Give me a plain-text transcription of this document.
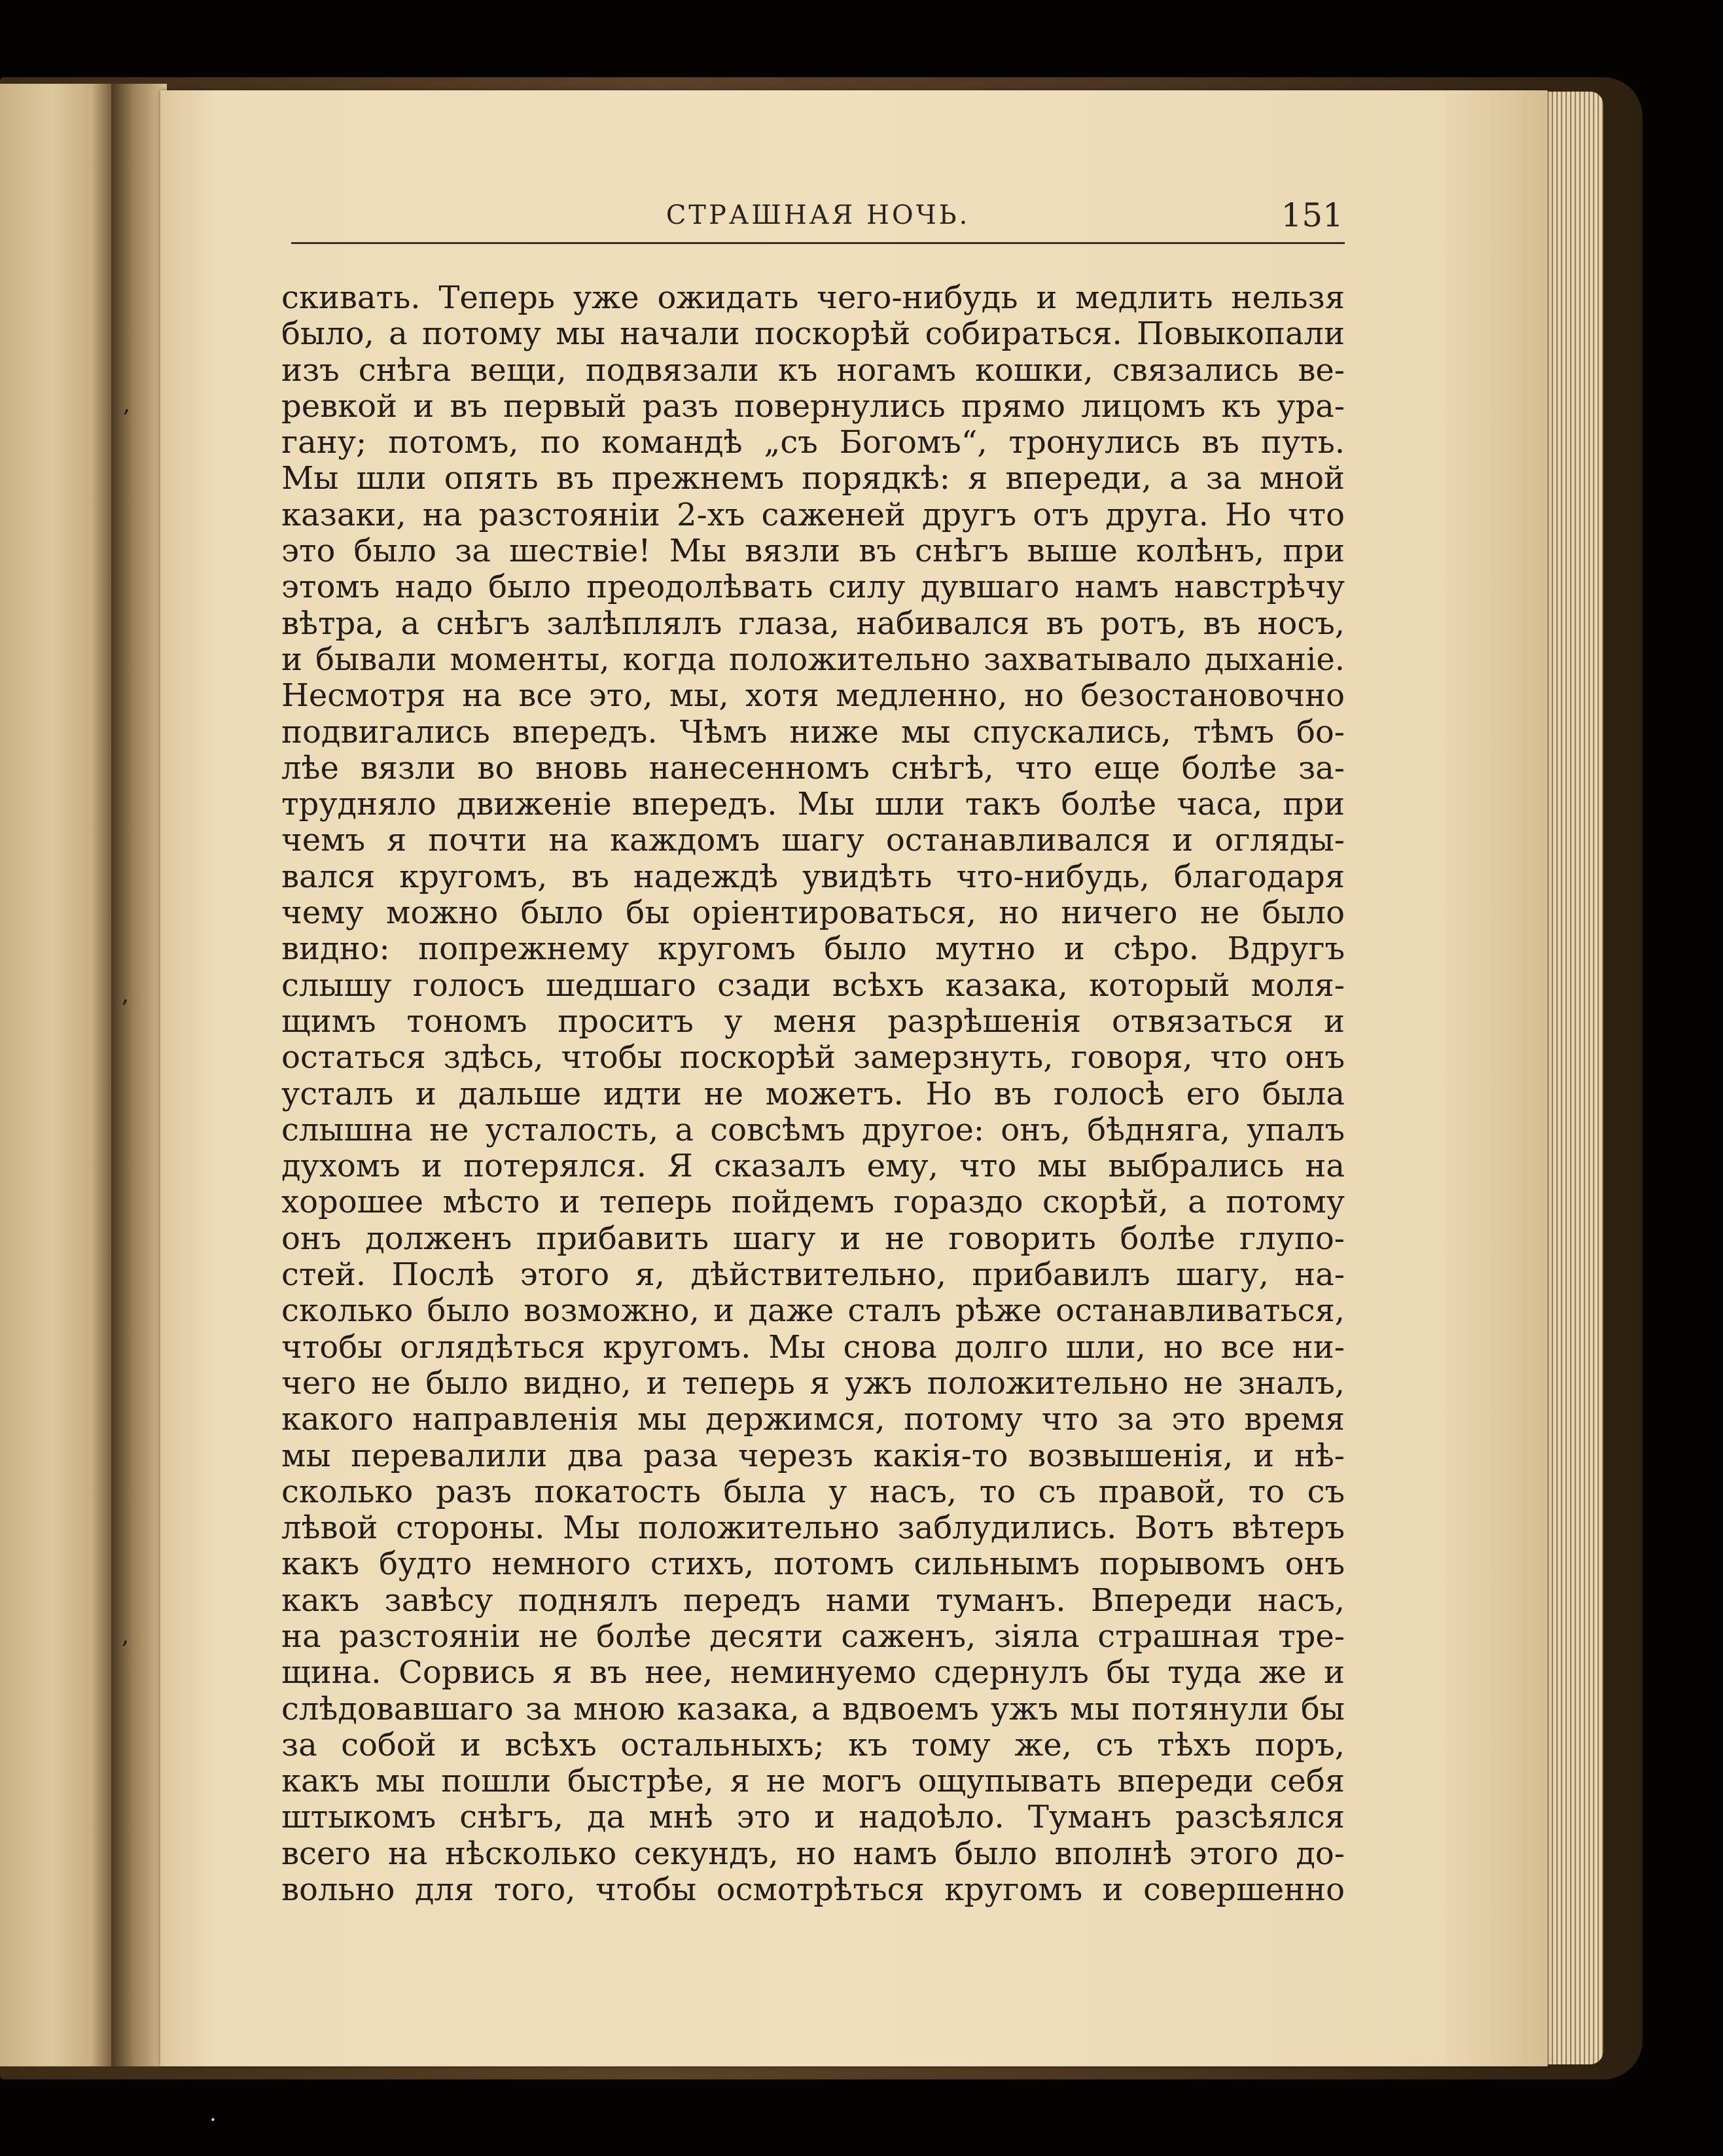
,
,
,
.
СТРАШНАЯ НОЧЬ.	151
скивать. Теперь уже ожидать чего-нибудь и медлить нельзя
было, а потому мы начали поскорѣй собираться. Повыкопали
изъ снѣга вещи, подвязали къ ногамъ кошки, связались ве-
ревкой и въ первый разъ повернулись прямо лицомъ къ ура-
гану; потомъ, по командѣ „съ Богомъ“, тронулись въ путь.
Мы шли опять въ прежнемъ порядкѣ: я впереди, а за мной
казаки, на разстояніи 2-хъ саженей другъ отъ друга. Но что
это было за шествіе! Мы вязли въ снѣгъ выше колѣнъ, при
этомъ надо было преодолѣвать силу дувшаго намъ навстрѣчу
вѣтра, а снѣгъ залѣплялъ глаза, набивался въ ротъ, въ носъ,
и бывали моменты, когда положительно захватывало дыханіе.
Несмотря на все это, мы, хотя медленно, но безостановочно
подвигались впередъ. Чѣмъ ниже мы спускались, тѣмъ бо-
лѣе вязли во вновь нанесенномъ снѣгѣ, что еще болѣе за-
трудняло движеніе впередъ. Мы шли такъ болѣе часа, при
чемъ я почти на каждомъ шагу останавливался и огляды-
вался кругомъ, въ надеждѣ увидѣть что-нибудь, благодаря
чему можно было бы оріентироваться, но ничего не было
видно: попрежнему кругомъ было мутно и сѣро. Вдругъ
слышу голосъ шедшаго сзади всѣхъ казака, который моля-
щимъ тономъ проситъ у меня разрѣшенія отвязаться и
остаться здѣсь, чтобы поскорѣй замерзнуть, говоря, что онъ
усталъ и дальше идти не можетъ. Но въ голосѣ его была
слышна не усталость, а совсѣмъ другое: онъ, бѣдняга, упалъ
духомъ и потерялся. Я сказалъ ему, что мы выбрались на
хорошее мѣсто и теперь пойдемъ гораздо скорѣй, а потому
онъ долженъ прибавить шагу и не говорить болѣе глупо-
стей. Послѣ этого я, дѣйствительно, прибавилъ шагу, на-
сколько было возможно, и даже сталъ рѣже останавливаться,
чтобы оглядѣться кругомъ. Мы снова долго шли, но все ни-
чего не было видно, и теперь я ужъ положительно не зналъ,
какого направленія мы держимся, потому что за это время
мы перевалили два раза черезъ какія-то возвышенія, и нѣ-
сколько разъ покатость была у насъ, то съ правой, то съ
лѣвой стороны. Мы положительно заблудились. Вотъ вѣтеръ
какъ будто немного стихъ, потомъ сильнымъ порывомъ онъ
какъ завѣсу поднялъ передъ нами туманъ. Впереди насъ,
на разстояніи не болѣе десяти саженъ, зіяла страшная тре-
щина. Сорвись я въ нее, неминуемо сдернулъ бы туда же и
слѣдовавшаго за мною казака, а вдвоемъ ужъ мы потянули бы
за собой и всѣхъ остальныхъ; къ тому же, съ тѣхъ поръ,
какъ мы пошли быстрѣе, я не могъ ощупывать впереди себя
штыкомъ снѣгъ, да мнѣ это и надоѣло. Туманъ разсѣялся
всего на нѣсколько секундъ, но намъ было вполнѣ этого до-
вольно для того, чтобы осмотрѣться кругомъ и совершенно
